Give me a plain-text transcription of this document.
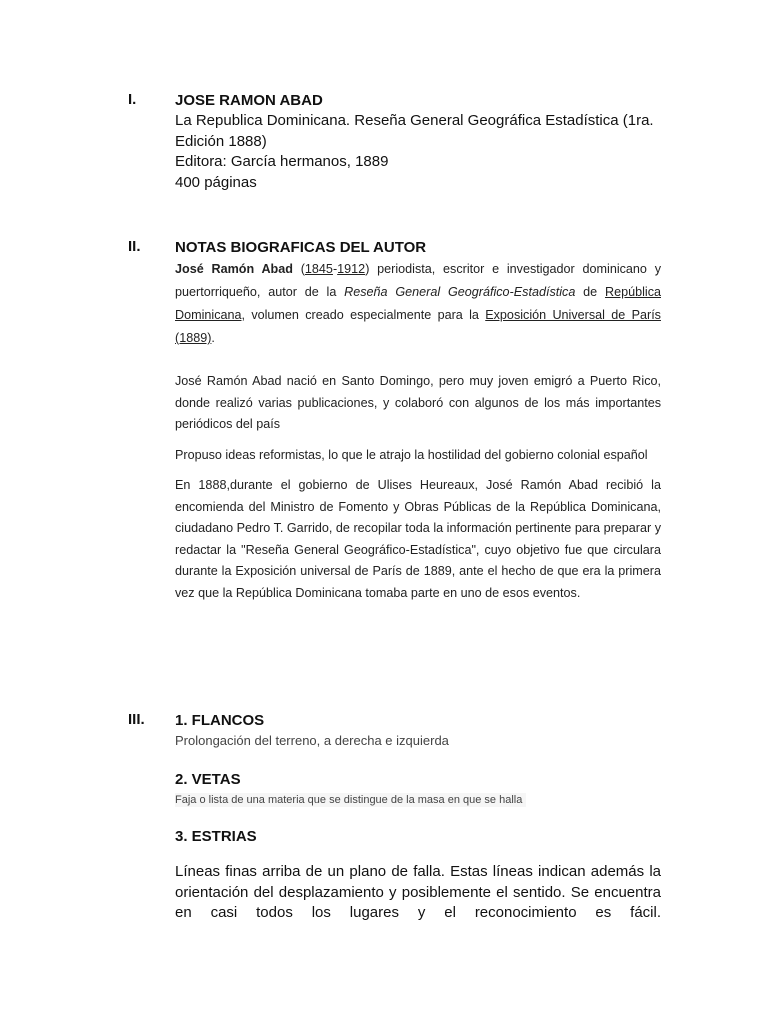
I.	JOSE RAMON ABAD

La Republica Dominicana. Reseña General Geográfica Estadística (1ra.

Edición 1888)

Editora: García hermanos, 1889

400 páginas

II. NOTAS BIOGRAFICAS DEL AUTOR

José Ramón Abad (1845-1912) periodista, escritor e investigador dominicano y puertorriqueño, autor de la Reseña General Geográfico-Estadística de República Dominicana, volumen creado especialmente para la Exposición Universal de París (1889).

José Ramón Abad nació en Santo Domingo, pero muy joven emigró a Puerto Rico, donde realizó varias publicaciones, y colaboró con algunos de los más importantes periódicos del país

Propuso ideas reformistas, lo que le atrajo la hostilidad del gobierno colonial español

En 1888,durante el gobierno de Ulises Heureaux, José Ramón Abad recibió la encomienda del Ministro de Fomento y Obras Públicas de la República Dominicana, ciudadano Pedro T. Garrido, de recopilar toda la información pertinente para preparar y redactar la "Reseña General Geográfico-Estadística", cuyo objetivo fue que circulara durante la Exposición universal de París de 1889, ante el hecho de que era la primera vez que la República Dominicana tomaba parte en uno de esos eventos.

III. 1. FLANCOS

Prolongación del terreno, a derecha e izquierda

2. VETAS

Faja o lista de una materia que se distingue de la masa en que se halla

3. ESTRIAS

Líneas finas arriba de un plano de falla. Estas líneas indican además la orientación del desplazamiento y posiblemente el sentido. Se encuentra en casi todos los lugares y el reconocimiento es fácil.
